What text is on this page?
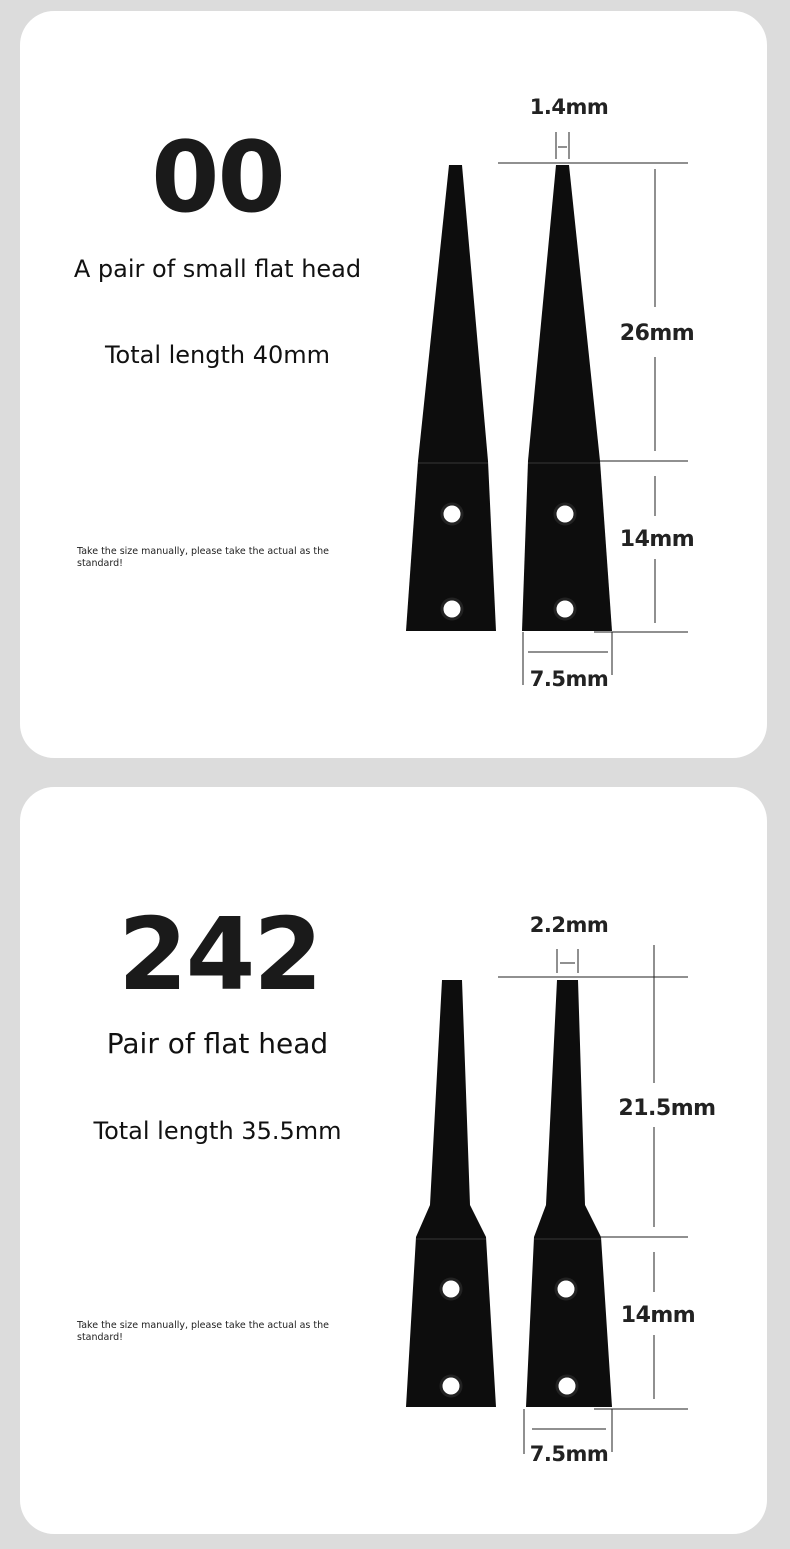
00
A pair of small flat head
Total length 40mm
Take the size manually, please take the actual as the standard!
1.4mm
26mm
14mm
7.5mm
242
Pair of flat head
Total length 35.5mm
Take the size manually, please take the actual as the standard!
2.2mm
21.5mm
14mm
7.5mm
